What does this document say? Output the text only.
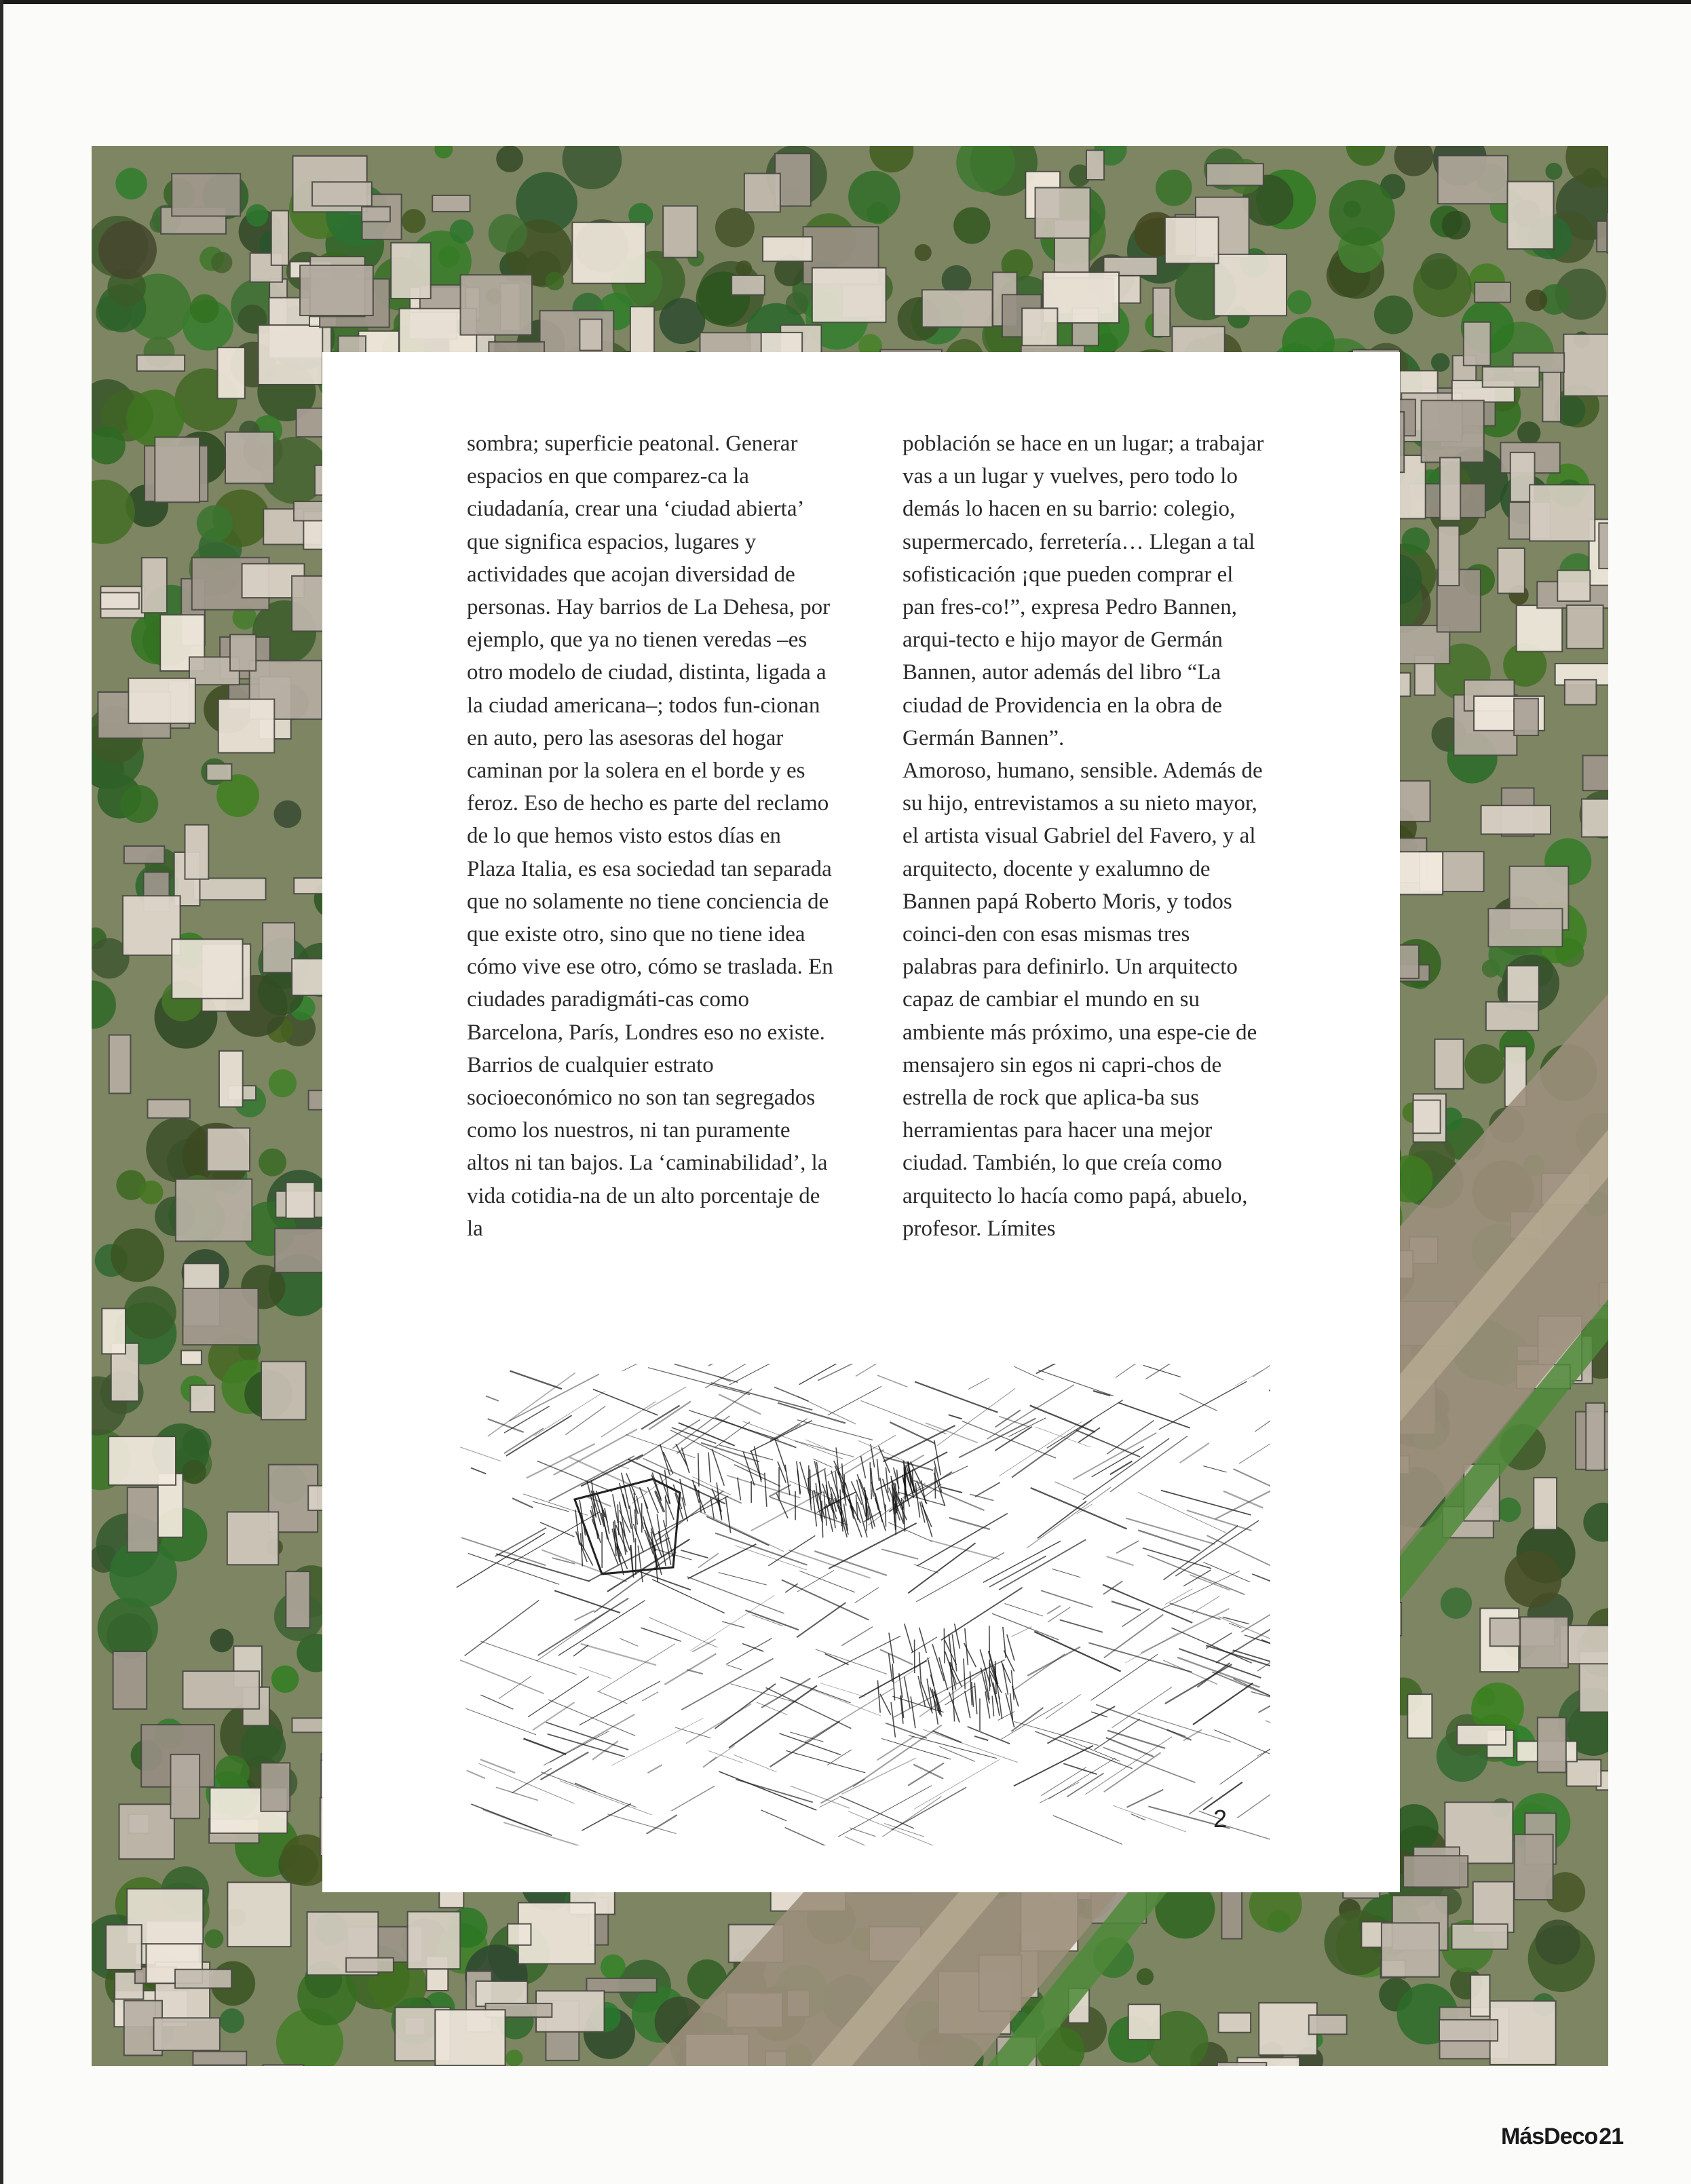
sombra; superficie peatonal. Generar espacios en que comparez-ca la ciudadanía, crear una ‘ciudad abierta’ que significa espacios, lugares y actividades que acojan diversidad de personas. Hay barrios de La Dehesa, por ejemplo, que ya no tienen veredas –es otro modelo de ciudad, distinta, ligada a la ciudad americana–; todos fun-cionan en auto, pero las asesoras del hogar caminan por la solera en el borde y es feroz. Eso de hecho es parte del reclamo de lo que hemos visto estos días en Plaza Italia, es esa sociedad tan separada que no solamente no tiene conciencia de que existe otro, sino que no tiene idea cómo vive ese otro, cómo se traslada. En ciudades paradigmáti-cas como Barcelona, París, Londres eso no existe. Barrios de cualquier estrato socioeconómico no son tan segregados como los nuestros, ni tan puramente altos ni tan bajos. La ‘caminabilidad’, la vida cotidia-na de un alto porcentaje de la

población se hace en un lugar; a trabajar vas a un lugar y vuelves, pero todo lo demás lo hacen en su barrio: colegio, supermercado, ferretería… Llegan a tal sofisticación ¡que pueden comprar el pan fres-co!”, expresa Pedro Bannen, arqui-tecto e hijo mayor de Germán Bannen, autor además del libro “La ciudad de Providencia en la obra de Germán Bannen”.

Amoroso, humano, sensible. Además de su hijo, entrevistamos a su nieto mayor, el artista visual Gabriel del Favero, y al arquitecto, docente y exalumno de Bannen papá Roberto Moris, y todos coinci-den con esas mismas tres palabras para definirlo. Un arquitecto capaz de cambiar el mundo en su ambiente más próximo, una espe-cie de mensajero sin egos ni capri-chos de estrella de rock que aplica-ba sus herramientas para hacer una mejor ciudad. También, lo que creía como arquitecto lo hacía como papá, abuelo, profesor. Límites

2
MásDeco21
